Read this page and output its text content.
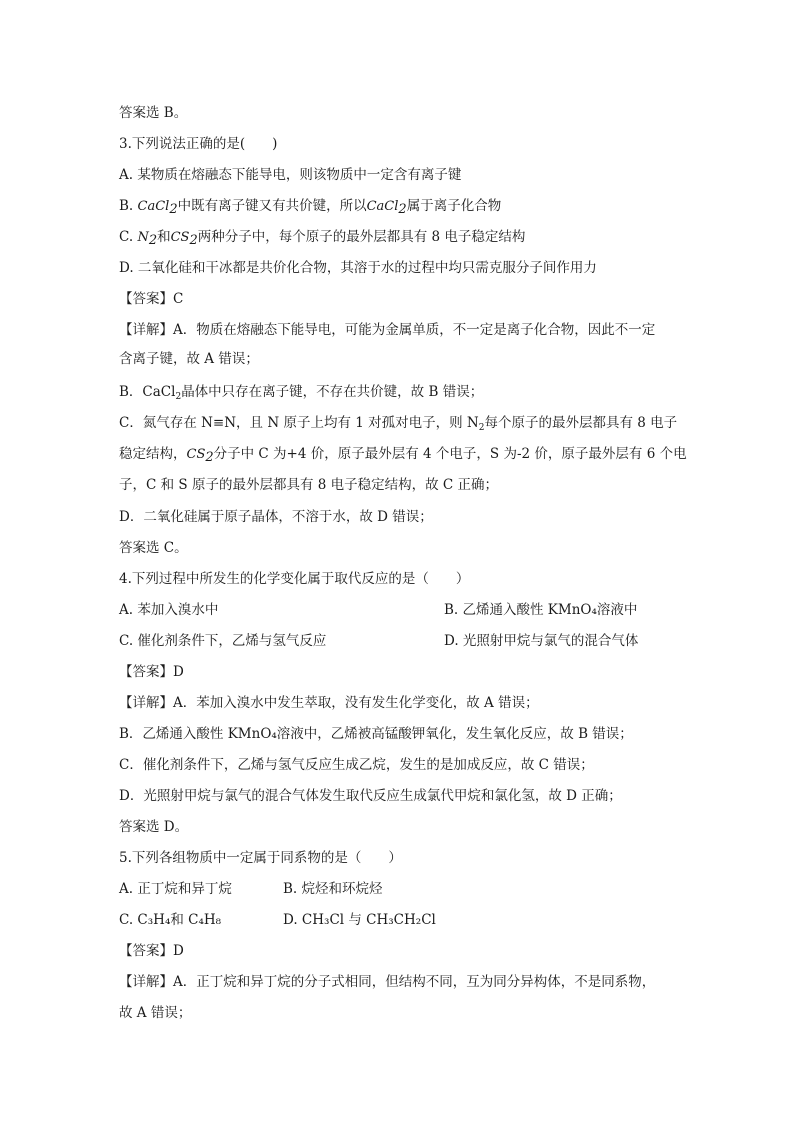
答案选 B。
3.下列说法正确的是(　　)
A. 某物质在熔融态下能导电，则该物质中一定含有离子键
B. CaCl$_2$中既有离子键又有共价键，所以CaCl$_2$属于离子化合物
C. $N_2$和$CS_2$两种分子中，每个原子的最外层都具有 8 电子稳定结构
D. 二氧化硅和干冰都是共价化合物，其溶于水的过程中均只需克服分子间作用力
【答案】C
【详解】A．物质在熔融态下能导电，可能为金属单质，不一定是离子化合物，因此不一定
含离子键，故 A 错误；
B．CaCl$_2$晶体中只存在离子键，不存在共价键，故 B 错误；
C．氮气存在 N≡N，且 N 原子上均有 1 对孤对电子，则 $N_2$每个原子的最外层都具有 8 电子
稳定结构，$CS_2$分子中 C 为+4 价，原子最外层有 4 个电子，S 为-2 价，原子最外层有 6 个电
子，C 和 S 原子的最外层都具有 8 电子稳定结构，故 C 正确；
D．二氧化硅属于原子晶体，不溶于水，故 D 错误；
答案选 C。
4.下列过程中所发生的化学变化属于取代反应的是（　　）
A. 苯加入溴水中	B. 乙烯通入酸性 KMnO₄溶液中
C. 催化剂条件下，乙烯与氢气反应	D. 光照射甲烷与氯气的混合气体
【答案】D
【详解】A．苯加入溴水中发生萃取，没有发生化学变化，故 A 错误；
B．乙烯通入酸性 KMnO₄溶液中，乙烯被高锰酸钾氧化，发生氧化反应，故 B 错误；
C．催化剂条件下，乙烯与氢气反应生成乙烷，发生的是加成反应，故 C 错误；
D．光照射甲烷与氯气的混合气体发生取代反应生成氯代甲烷和氯化氢，故 D 正确；
答案选 D。
5.下列各组物质中一定属于同系物的是（　　）
A. 正丁烷和异丁烷	B. 烷烃和环烷烃
C. C₃H₄和 C₄H₈	D. CH₃Cl 与 CH₃CH₂Cl
【答案】D
【详解】A．正丁烷和异丁烷的分子式相同，但结构不同，互为同分异构体，不是同系物，
故 A 错误；
